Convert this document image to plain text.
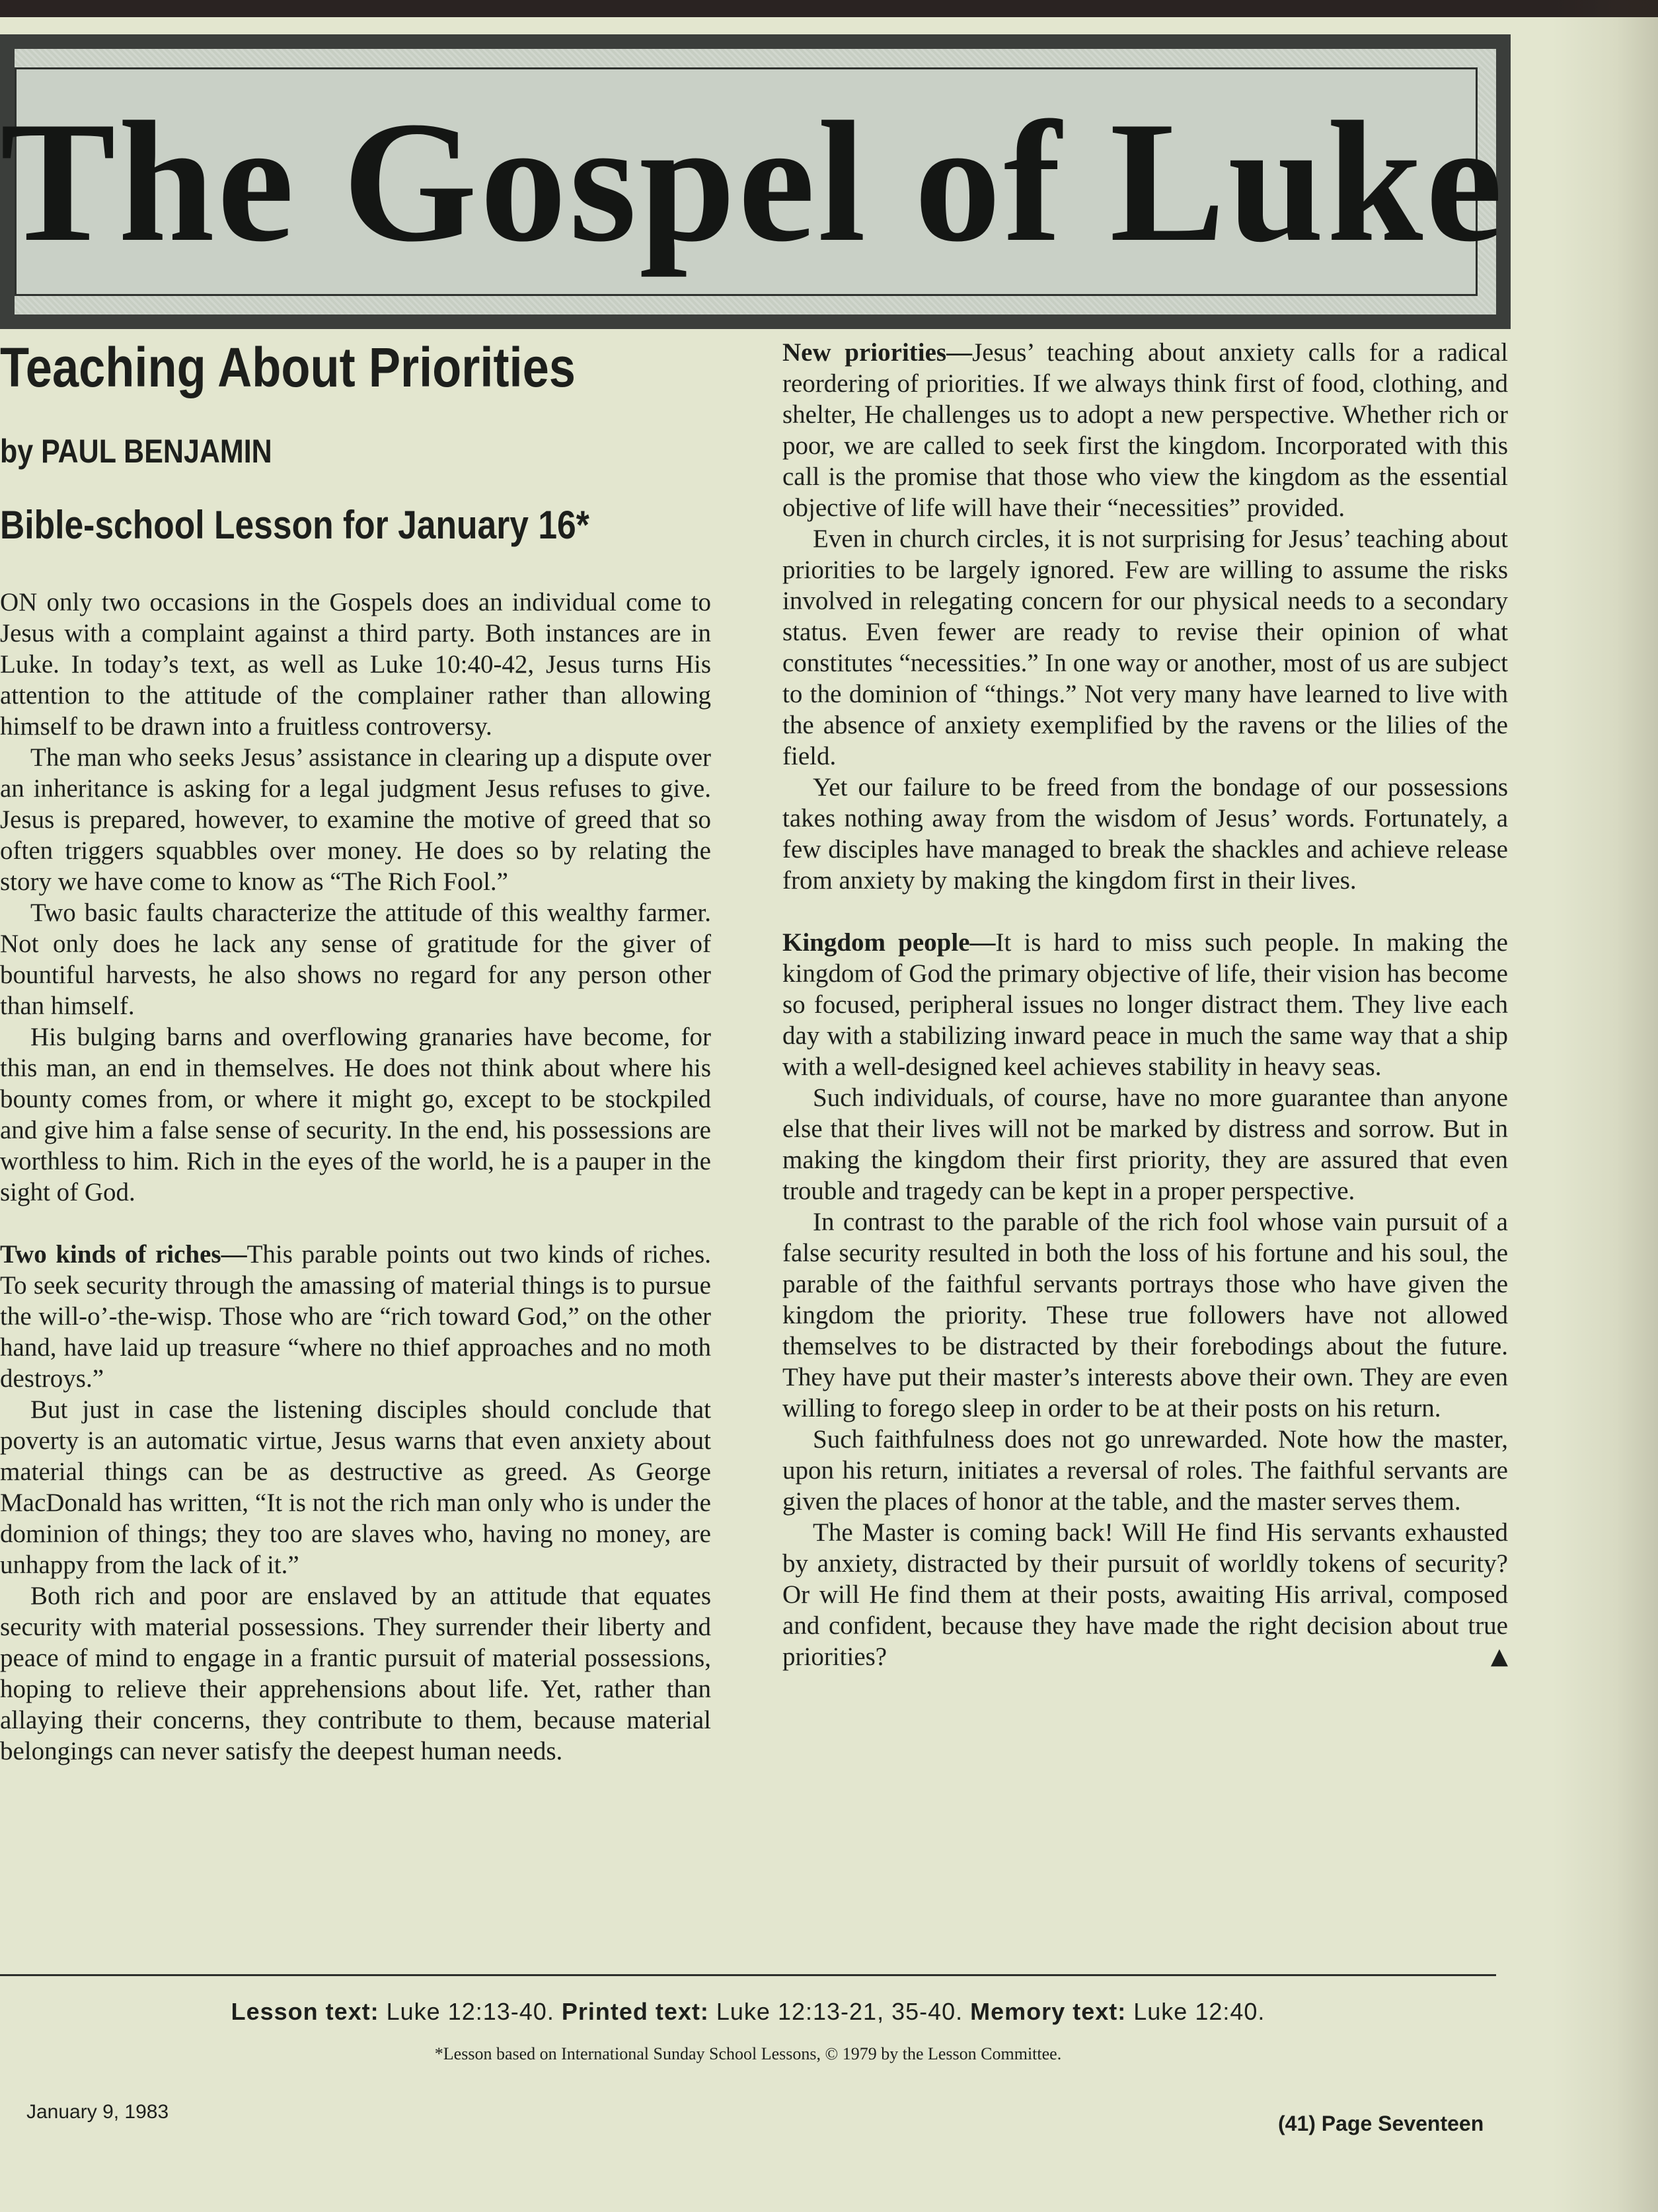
The Gospel of Luke
Teaching About Priorities
by PAUL BENJAMIN
Bible-school Lesson for January 16*

ON only two occasions in the Gospels does an individual come to Jesus with a complaint against a third party. Both instances are in Luke. In today’s text, as well as Luke 10:40-42, Jesus turns His attention to the attitude of the complainer rather than allowing himself to be drawn into a fruitless controversy.

The man who seeks Jesus’ assistance in clearing up a dispute over an inheritance is asking for a legal judgment Jesus refuses to give. Jesus is prepared, however, to examine the motive of greed that so often triggers squabbles over money. He does so by relating the story we have come to know as “The Rich Fool.”

Two basic faults characterize the attitude of this wealthy farmer. Not only does he lack any sense of gratitude for the giver of bountiful harvests, he also shows no regard for any person other than himself.

His bulging barns and overflowing granaries have become, for this man, an end in themselves. He does not think about where his bounty comes from, or where it might go, except to be stockpiled and give him a false sense of security. In the end, his possessions are worthless to him. Rich in the eyes of the world, he is a pauper in the sight of God.

Two kinds of riches—This parable points out two kinds of riches. To seek security through the amassing of material things is to pursue the will-o’-the-wisp. Those who are “rich toward God,” on the other hand, have laid up treasure “where no thief approaches and no moth destroys.”

But just in case the listening disciples should conclude that poverty is an automatic virtue, Jesus warns that even anxiety about material things can be as destructive as greed. As George MacDonald has written, “It is not the rich man only who is under the dominion of things; they too are slaves who, having no money, are unhappy from the lack of it.”

Both rich and poor are enslaved by an attitude that equates security with material possessions. They surrender their liberty and peace of mind to engage in a frantic pursuit of material possessions, hoping to relieve their apprehensions about life. Yet, rather than allaying their concerns, they contribute to them, because material belongings can never satisfy the deepest human needs.

New priorities—Jesus’ teaching about anxiety calls for a radical reordering of priorities. If we always think first of food, clothing, and shelter, He challenges us to adopt a new perspective. Whether rich or poor, we are called to seek first the kingdom. Incorporated with this call is the promise that those who view the kingdom as the essential objective of life will have their “necessities” provided.

Even in church circles, it is not surprising for Jesus’ teaching about priorities to be largely ignored. Few are willing to assume the risks involved in relegating concern for our physical needs to a secondary status. Even fewer are ready to revise their opinion of what constitutes “necessities.” In one way or another, most of us are subject to the dominion of “things.” Not very many have learned to live with the absence of anxiety exemplified by the ravens or the lilies of the field.

Yet our failure to be freed from the bondage of our possessions takes nothing away from the wisdom of Jesus’ words. Fortunately, a few disciples have managed to break the shackles and achieve release from anxiety by making the kingdom first in their lives.

Kingdom people—It is hard to miss such people. In making the kingdom of God the primary objective of life, their vision has become so focused, peripheral issues no longer distract them. They live each day with a stabilizing inward peace in much the same way that a ship with a well-designed keel achieves stability in heavy seas.

Such individuals, of course, have no more guarantee than anyone else that their lives will not be marked by distress and sorrow. But in making the kingdom their first priority, they are assured that even trouble and tragedy can be kept in a proper perspective.

In contrast to the parable of the rich fool whose vain pursuit of a false security resulted in both the loss of his fortune and his soul, the parable of the faithful servants portrays those who have given the kingdom the priority. These true followers have not allowed themselves to be distracted by their forebodings about the future. They have put their master’s interests above their own. They are even willing to forego sleep in order to be at their posts on his return.

Such faithfulness does not go unrewarded. Note how the master, upon his return, initiates a reversal of roles. The faithful servants are given the places of honor at the table, and the master serves them.

The Master is coming back! Will He find His servants exhausted by anxiety, distracted by their pursuit of worldly tokens of security? Or will He find them at their posts, awaiting His arrival, composed and confident, because they have made the right decision about true priorities?	▲

Lesson text: Luke 12:13-40. Printed text: Luke 12:13-21, 35-40. Memory text: Luke 12:40.
*Lesson based on International Sunday School Lessons, © 1979 by the Lesson Committee.
January 9, 1983	(41) Page Seventeen
